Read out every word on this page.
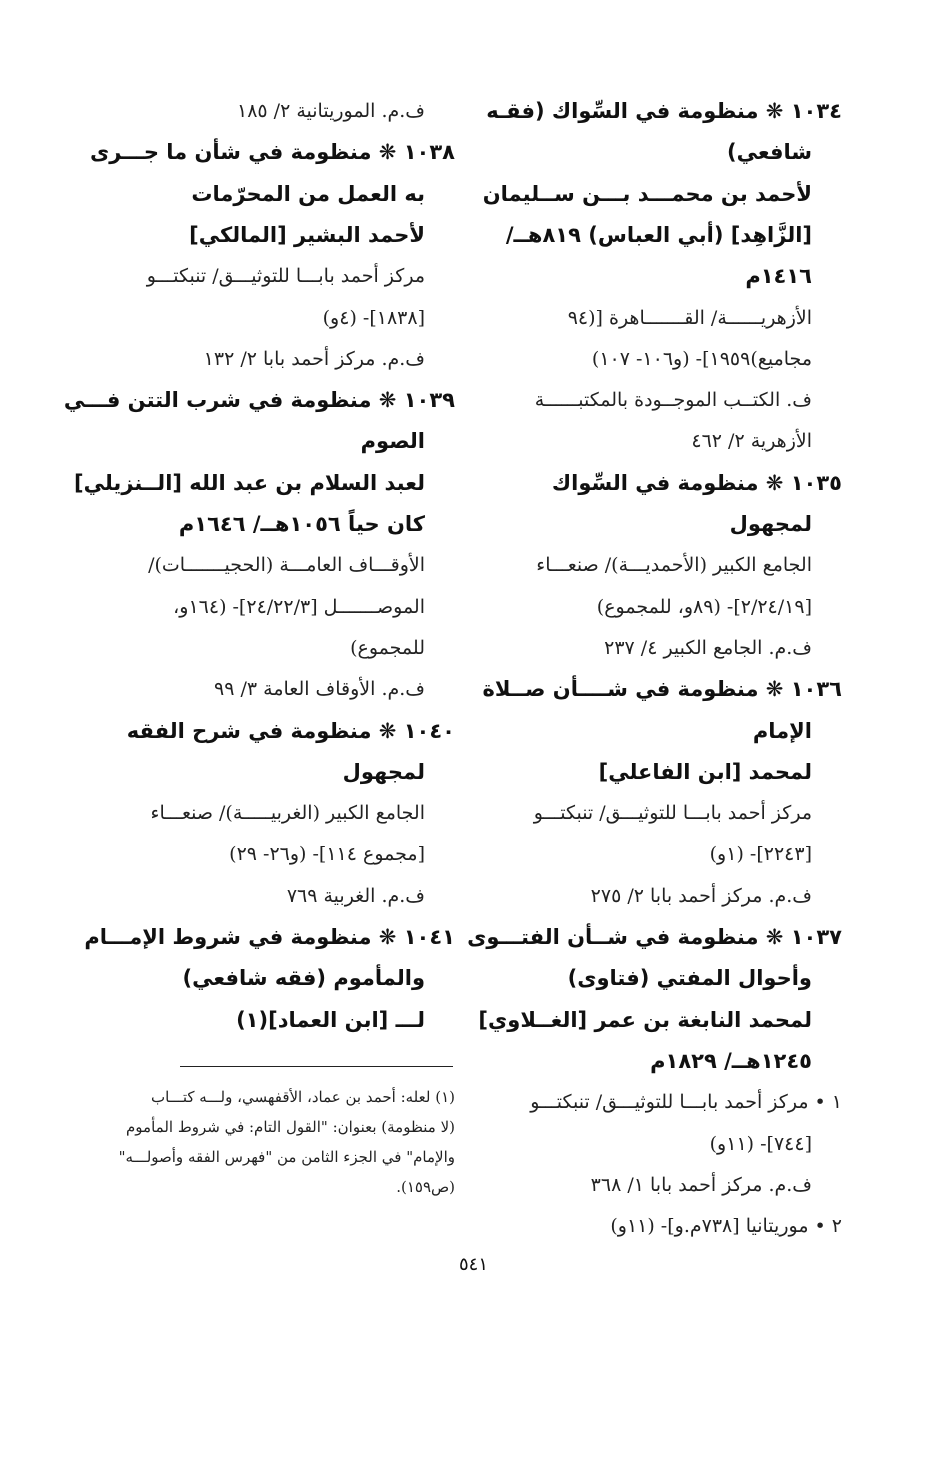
١٠٣٤ ❋ منظومة في السِّواك (فقـه
شافعي)
لأحمد بن محمـــد بـــن ســليمان
[الزَّاهِد] (أبي العباس) ٨١٩هــ/
١٤١٦م
الأزهريــــــة/ القـــــــاهرة [(٩٤
مجاميع)١٩٥٩]- (و١٠٦- ١٠٧)
ف. الكتــب الموجــودة بالمكتبــــــة
الأزهرية ٢/ ٤٦٢
١٠٣٥ ❋ منظومة في السِّواك
لمجهول
الجامع الكبير (الأحمديـــة)/ صنعـــاء
[٢/٢٤/١٩]- (٨٩و، للمجموع)
ف.م. الجامع الكبير ٤/ ٢٣٧
١٠٣٦ ❋ منظومة في شــــأن صــلاة
الإمام
لمحمد [ابن الفاعلي]
مركز أحمد بابـــا للتوثيـــق/ تنبكتـــو
[٢٢٤٣]- (١و)
ف.م. مركز أحمد بابا ٢/ ٢٧٥
١٠٣٧ ❋ منظومة في شــأن الفتـــوى
وأحوال المفتي (فتاوى)
لمحمد النابغة بن عمر [الغــلاوي]
١٢٤٥هــ/ ١٨٢٩م
١ • مركز أحمد بابـــا للتوثيـــق/ تنبكتـــو
[٧٤٤]- (١١و)
ف.م. مركز أحمد بابا ١/ ٣٦٨
٢ • موريتانيا [٧٣٨م.و]- (١١و)
ف.م. الموريتانية ٢/ ١٨٥
١٠٣٨ ❋ منظومة في شأن ما جـــرى
به العمل من المحرّمات
لأحمد البشير [المالكي]
مركز أحمد بابـــا للتوثيـــق/ تنبكتـــو
[١٨٣٨]- (٤و)
ف.م. مركز أحمد بابا ٢/ ١٣٢
١٠٣٩ ❋ منظومة في شرب التتن فـــي
الصوم
لعبد السلام بن عبد الله [الــنزيلي]
كان حياً ١٠٥٦هــ/ ١٦٤٦م
الأوقـــاف العامـــة (الحجيـــــــات)/
الموصـــــــل [٢٤/٢٢/٣]- (١٦٤و،
للمجموع)
ف.م. الأوقاف العامة ٣/ ٩٩
١٠٤٠ ❋ منظومة في شرح الفقه
لمجهول
الجامع الكبير (الغربيـــــة)/ صنعـــاء
[مجموع ١١٤]- (و٢٦- ٢٩)
ف.م. الغربية ٧٦٩
١٠٤١ ❋ منظومة في شروط الإمـــام
والمأموم (فقه شافعي)
لـــ [ابن العماد](١)
(١) لعله: أحمد بن عماد، الأقفهسي، ولـــه كتـــاب
(لا منظومة) بعنوان: "القول التام: في شروط المأموم
والإمام" في الجزء الثامن من "فهرس الفقه وأصولـــه"
(ص١٥٩).
٥٤١
